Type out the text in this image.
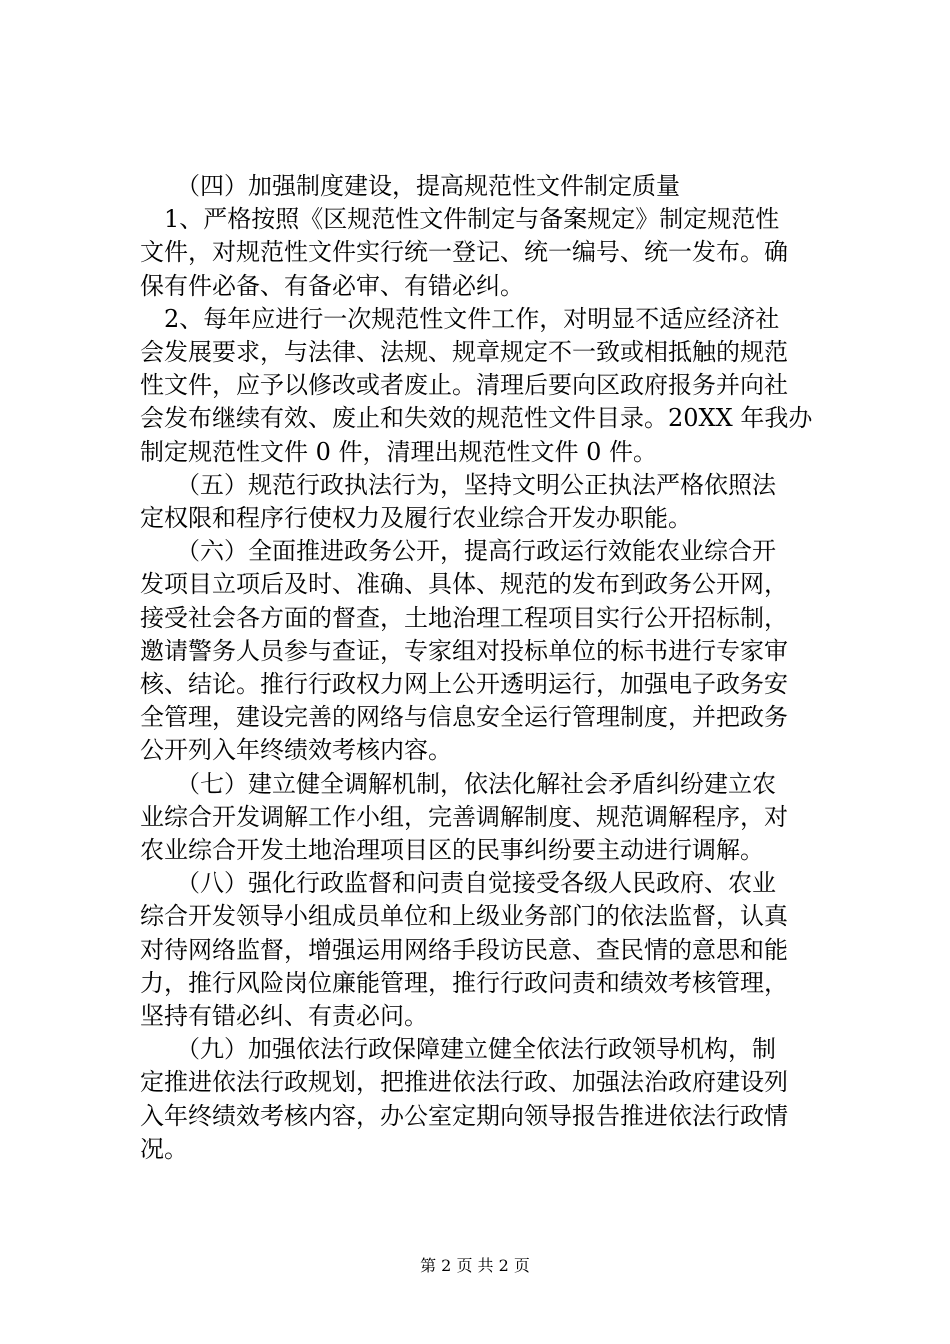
　　（四）加强制度建设，提高规范性文件制定质量

　1、严格按照《区规范性文件制定与备案规定》制定规范性
文件，对规范性文件实行统一登记、统一编号、统一发布。确
保有件必备、有备必审、有错必纠。

　2、每年应进行一次规范性文件工作，对明显不适应经济社
会发展要求，与法律、法规、规章规定不一致或相抵触的规范
性文件，应予以修改或者废止。清理后要向区政府报务并向社
会发布继续有效、废止和失效的规范性文件目录。20XX 年我办
制定规范性文件 0 件，清理出规范性文件 0 件。

　　（五）规范行政执法行为，坚持文明公正执法严格依照法
定权限和程序行使权力及履行农业综合开发办职能。

　　（六）全面推进政务公开，提高行政运行效能农业综合开
发项目立项后及时、准确、具体、规范的发布到政务公开网，
接受社会各方面的督查，土地治理工程项目实行公开招标制，
邀请警务人员参与查证，专家组对投标单位的标书进行专家审
核、结论。推行行政权力网上公开透明运行，加强电子政务安
全管理，建设完善的网络与信息安全运行管理制度，并把政务
公开列入年终绩效考核内容。

　　（七）建立健全调解机制，依法化解社会矛盾纠纷建立农
业综合开发调解工作小组，完善调解制度、规范调解程序，对
农业综合开发土地治理项目区的民事纠纷要主动进行调解。

　　（八）强化行政监督和问责自觉接受各级人民政府、农业
综合开发领导小组成员单位和上级业务部门的依法监督，认真
对待网络监督，增强运用网络手段访民意、查民情的意思和能
力，推行风险岗位廉能管理，推行行政问责和绩效考核管理，
坚持有错必纠、有责必问。

　　（九）加强依法行政保障建立健全依法行政领导机构，制
定推进依法行政规划，把推进依法行政、加强法治政府建设列
入年终绩效考核内容，办公室定期向领导报告推进依法行政情
况。

第 2 页 共 2 页
